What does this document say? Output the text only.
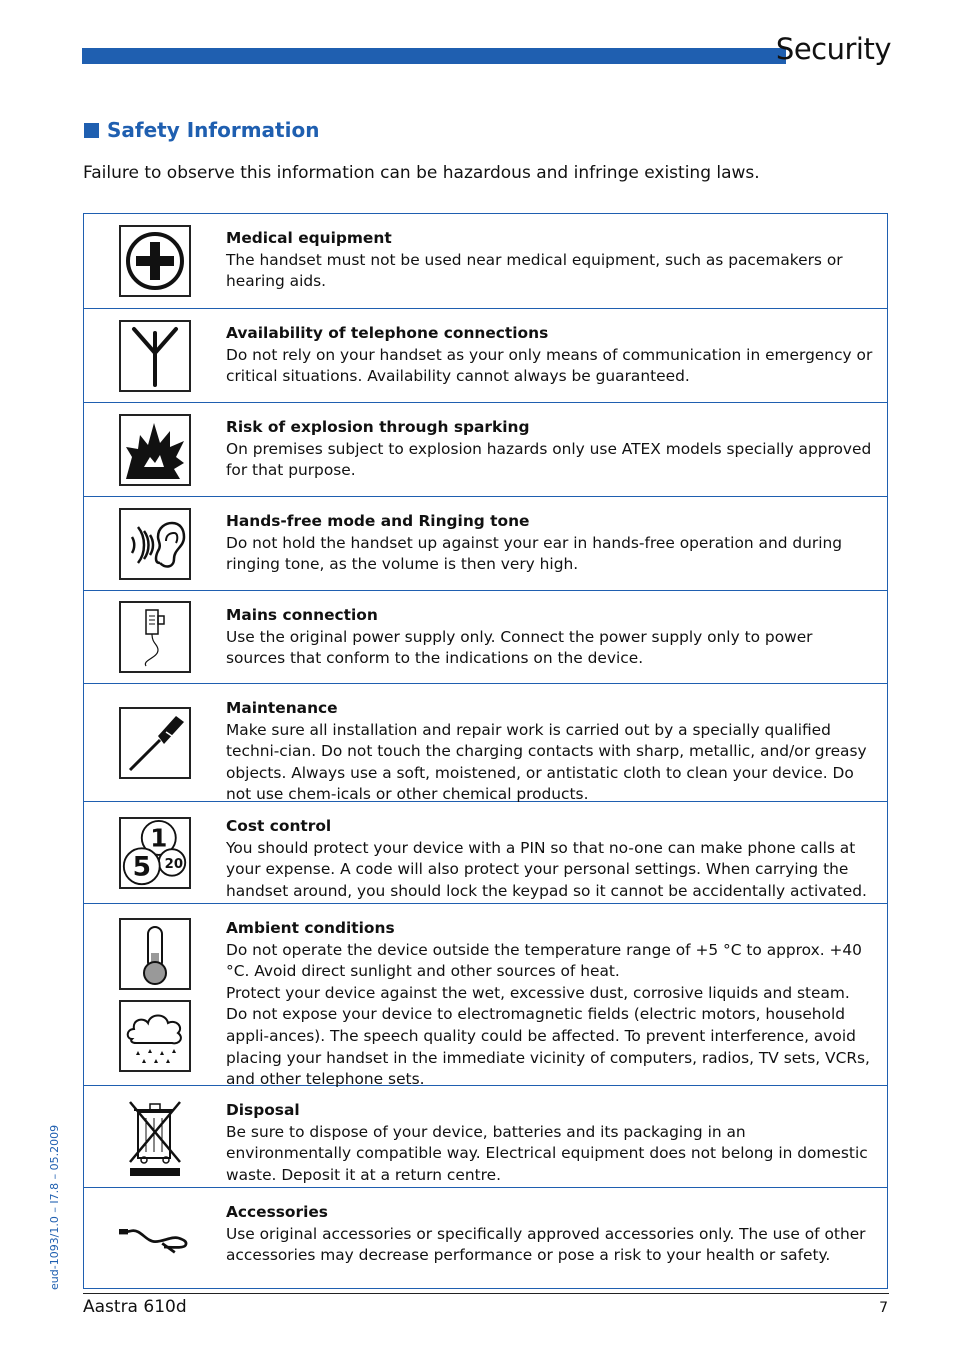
Security
Safety Information
Failure to observe this information can be hazardous and infringe existing laws.
Medical equipment
The handset must not be used near medical equipment, such as pacemakers or hearing aids.
Availability of telephone connections
Do not rely on your handset as your only means of communication in emergency or critical situations. Availability cannot always be guaranteed.
Risk of explosion through sparking
On premises subject to explosion hazards only use ATEX models specially approved for that purpose.
Hands-free mode and Ringing tone
Do not hold the handset up against your ear in hands-free operation and during ringing tone, as the volume is then very high.
Mains connection
Use the original power supply only. Connect the power supply only to power sources that conform to the indications on the device.
Maintenance
Make sure all installation and repair work is carried out by a specially qualified techni-cian. Do not touch the charging contacts with sharp, metallic, and/or greasy objects. Always use a soft, moistened, or antistatic cloth to clean your device. Do not use chem-icals or other chemical products.
1
20
5
Cost control
You should protect your device with a PIN so that no-one can make phone calls at your expense. A code will also protect your personal settings. When carrying the handset around, you should lock the keypad so it cannot be accidentally activated.
Ambient conditions
Do not operate the device outside the temperature range of +5 °C to approx. +40 °C. Avoid direct sunlight and other sources of heat.
Protect your device against the wet, excessive dust, corrosive liquids and steam.
Do not expose your device to electromagnetic fields (electric motors, household appli-ances). The speech quality could be affected. To prevent interference, avoid placing your handset in the immediate vicinity of computers, radios, TV sets, VCRs, and other telephone sets.
Disposal
Be sure to dispose of your device, batteries and its packaging in an environmentally compatible way. Electrical equipment does not belong in domestic waste. Deposit it at a return centre.
Accessories
Use original accessories or specifically approved accessories only. The use of other accessories may decrease performance or pose a risk to your health or safety.
Aastra 610d	7
eud-1093/1.0 – I7.8 – 05.2009
